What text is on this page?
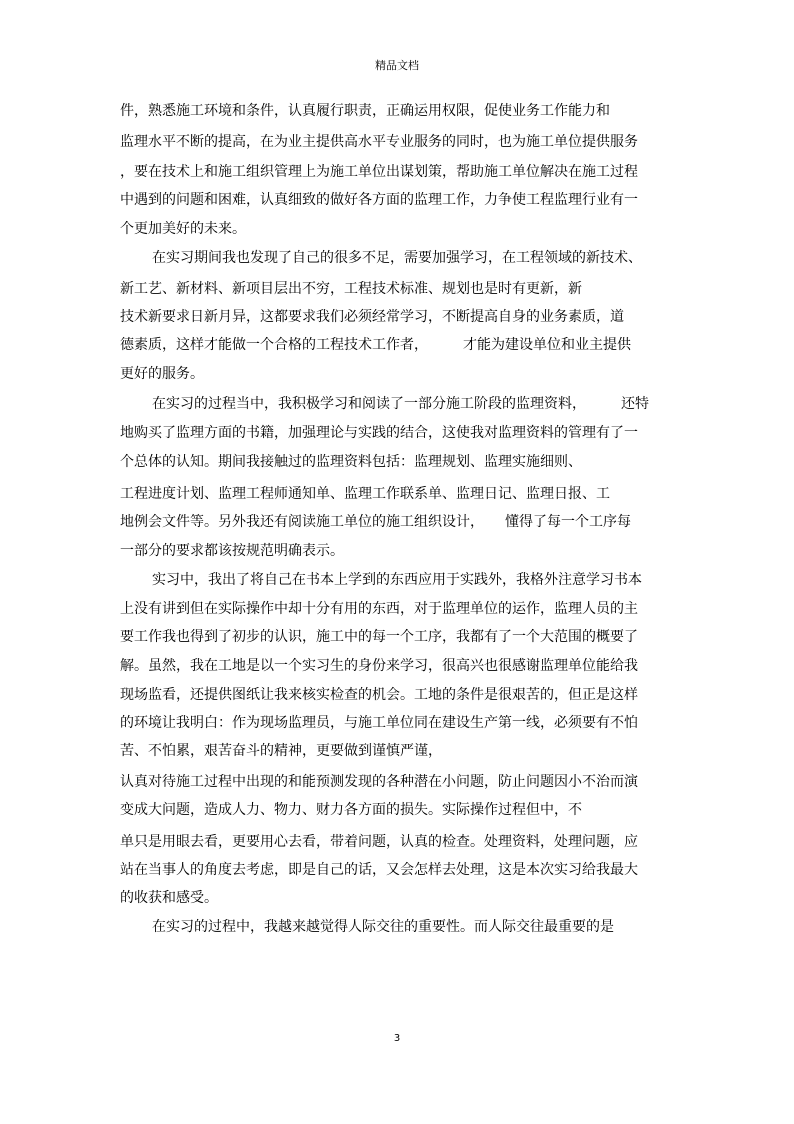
精品文档
件，熟悉施工环境和条件，认真履行职责，正确运用权限，促使业务工作能力和
监理水平不断的提高，在为业主提供高水平专业服务的同时，也为施工单位提供服务
，要在技术上和施工组织管理上为施工单位出谋划策，帮助施工单位解决在施工过程
中遇到的问题和困难，认真细致的做好各方面的监理工作，力争使工程监理行业有一
个更加美好的未来。
在实习期间我也发现了自己的很多不足，需要加强学习，在工程领域的新技术、
新工艺、新材料、新项目层出不穷，工程技术标准、规划也是时有更新，新
技术新要求日新月异，这都要求我们必须经常学习，不断提高自身的业务素质，道
德素质，这样才能做一个合格的工程技术工作者，　　　才能为建设单位和业主提供
更好的服务。
在实习的过程当中，我积极学习和阅读了一部分施工阶段的监理资料，　　　还特
地购买了监理方面的书籍，加强理论与实践的结合，这使我对监理资料的管理有了一
个总体的认知。期间我接触过的监理资料包括：监理规划、监理实施细则、
工程进度计划、监理工程师通知单、监理工作联系单、监理日记、监理日报、工
地例会文件等。另外我还有阅读施工单位的施工组织设计，　　懂得了每一个工序每
一部分的要求都该按规范明确表示。
实习中，我出了将自己在书本上学到的东西应用于实践外，我格外注意学习书本
上没有讲到但在实际操作中却十分有用的东西，对于监理单位的运作，监理人员的主
要工作我也得到了初步的认识，施工中的每一个工序，我都有了一个大范围的概要了
解。虽然，我在工地是以一个实习生的身份来学习，很高兴也很感谢监理单位能给我
现场监看，还提供图纸让我来核实检查的机会。工地的条件是很艰苦的，但正是这样
的环境让我明白：作为现场监理员，与施工单位同在建设生产第一线，必须要有不怕
苦、不怕累，艰苦奋斗的精神，更要做到谨慎严谨，
认真对待施工过程中出现的和能预测发现的各种潜在小问题，防止问题因小不治而演
变成大问题，造成人力、物力、财力各方面的损失。实际操作过程但中，不
单只是用眼去看，更要用心去看，带着问题，认真的检查。处理资料，处理问题，应
站在当事人的角度去考虑，即是自己的话，又会怎样去处理，这是本次实习给我最大
的收获和感受。
在实习的过程中，我越来越觉得人际交往的重要性。而人际交往最重要的是
3
